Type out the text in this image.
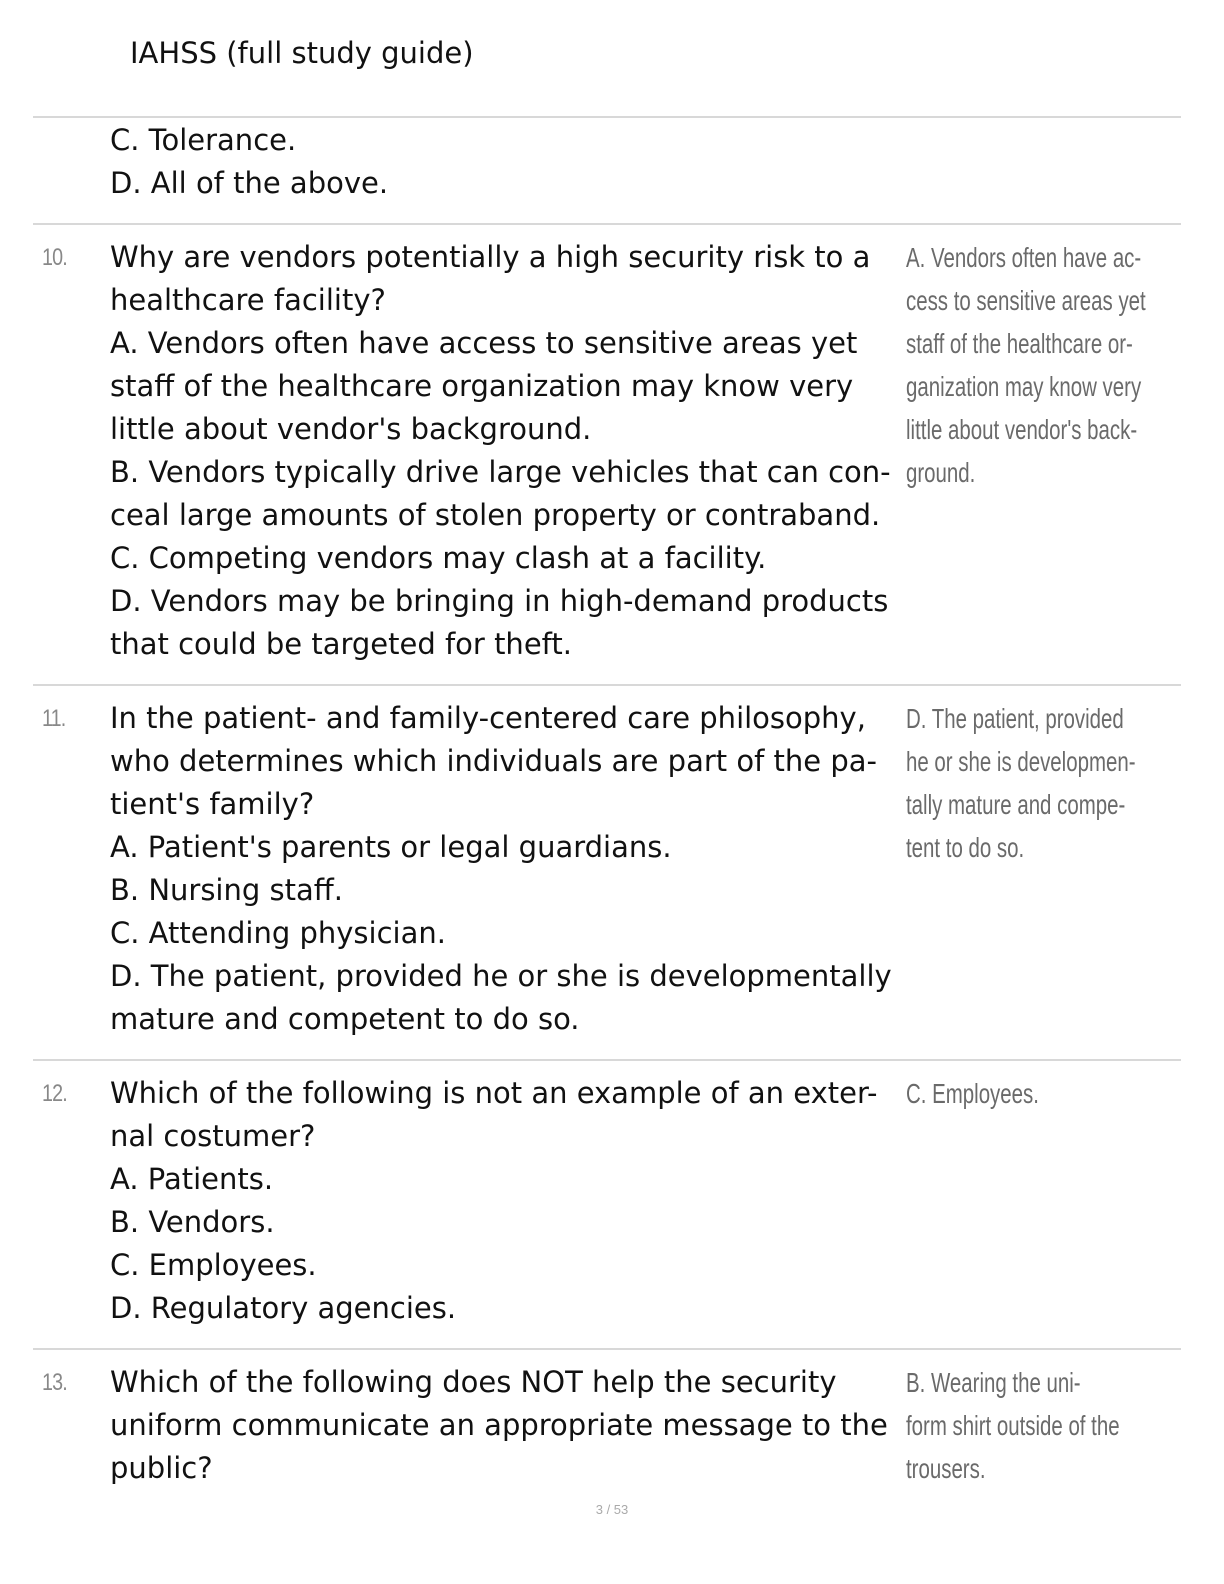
IAHSS (full study guide)
C. Tolerance.
D. All of the above.
10. Why are vendors potentially a high security risk to a
healthcare facility?
A. Vendors often have access to sensitive areas yet
staff of the healthcare organization may know very
little about vendor's background.
B. Vendors typically drive large vehicles that can con-
ceal large amounts of stolen property or contraband.
C. Competing vendors may clash at a facility.
D. Vendors may be bringing in high-demand products
that could be targeted for theft.
A. Vendors often have ac-
cess to sensitive areas yet
staff of the healthcare or-
ganization may know very
little about vendor's back-
ground.
11. In the patient- and family-centered care philosophy,
who determines which individuals are part of the pa-
tient's family?
A. Patient's parents or legal guardians.
B. Nursing staff.
C. Attending physician.
D. The patient, provided he or she is developmentally
mature and competent to do so.
D. The patient, provided
he or she is developmen-
tally mature and compe-
tent to do so.
12. Which of the following is not an example of an exter-
nal costumer?
A. Patients.
B. Vendors.
C. Employees.
D. Regulatory agencies.
C. Employees.
13. Which of the following does NOT help the security
uniform communicate an appropriate message to the
public?
B. Wearing the uni-
form shirt outside of the
trousers.
3 / 53
